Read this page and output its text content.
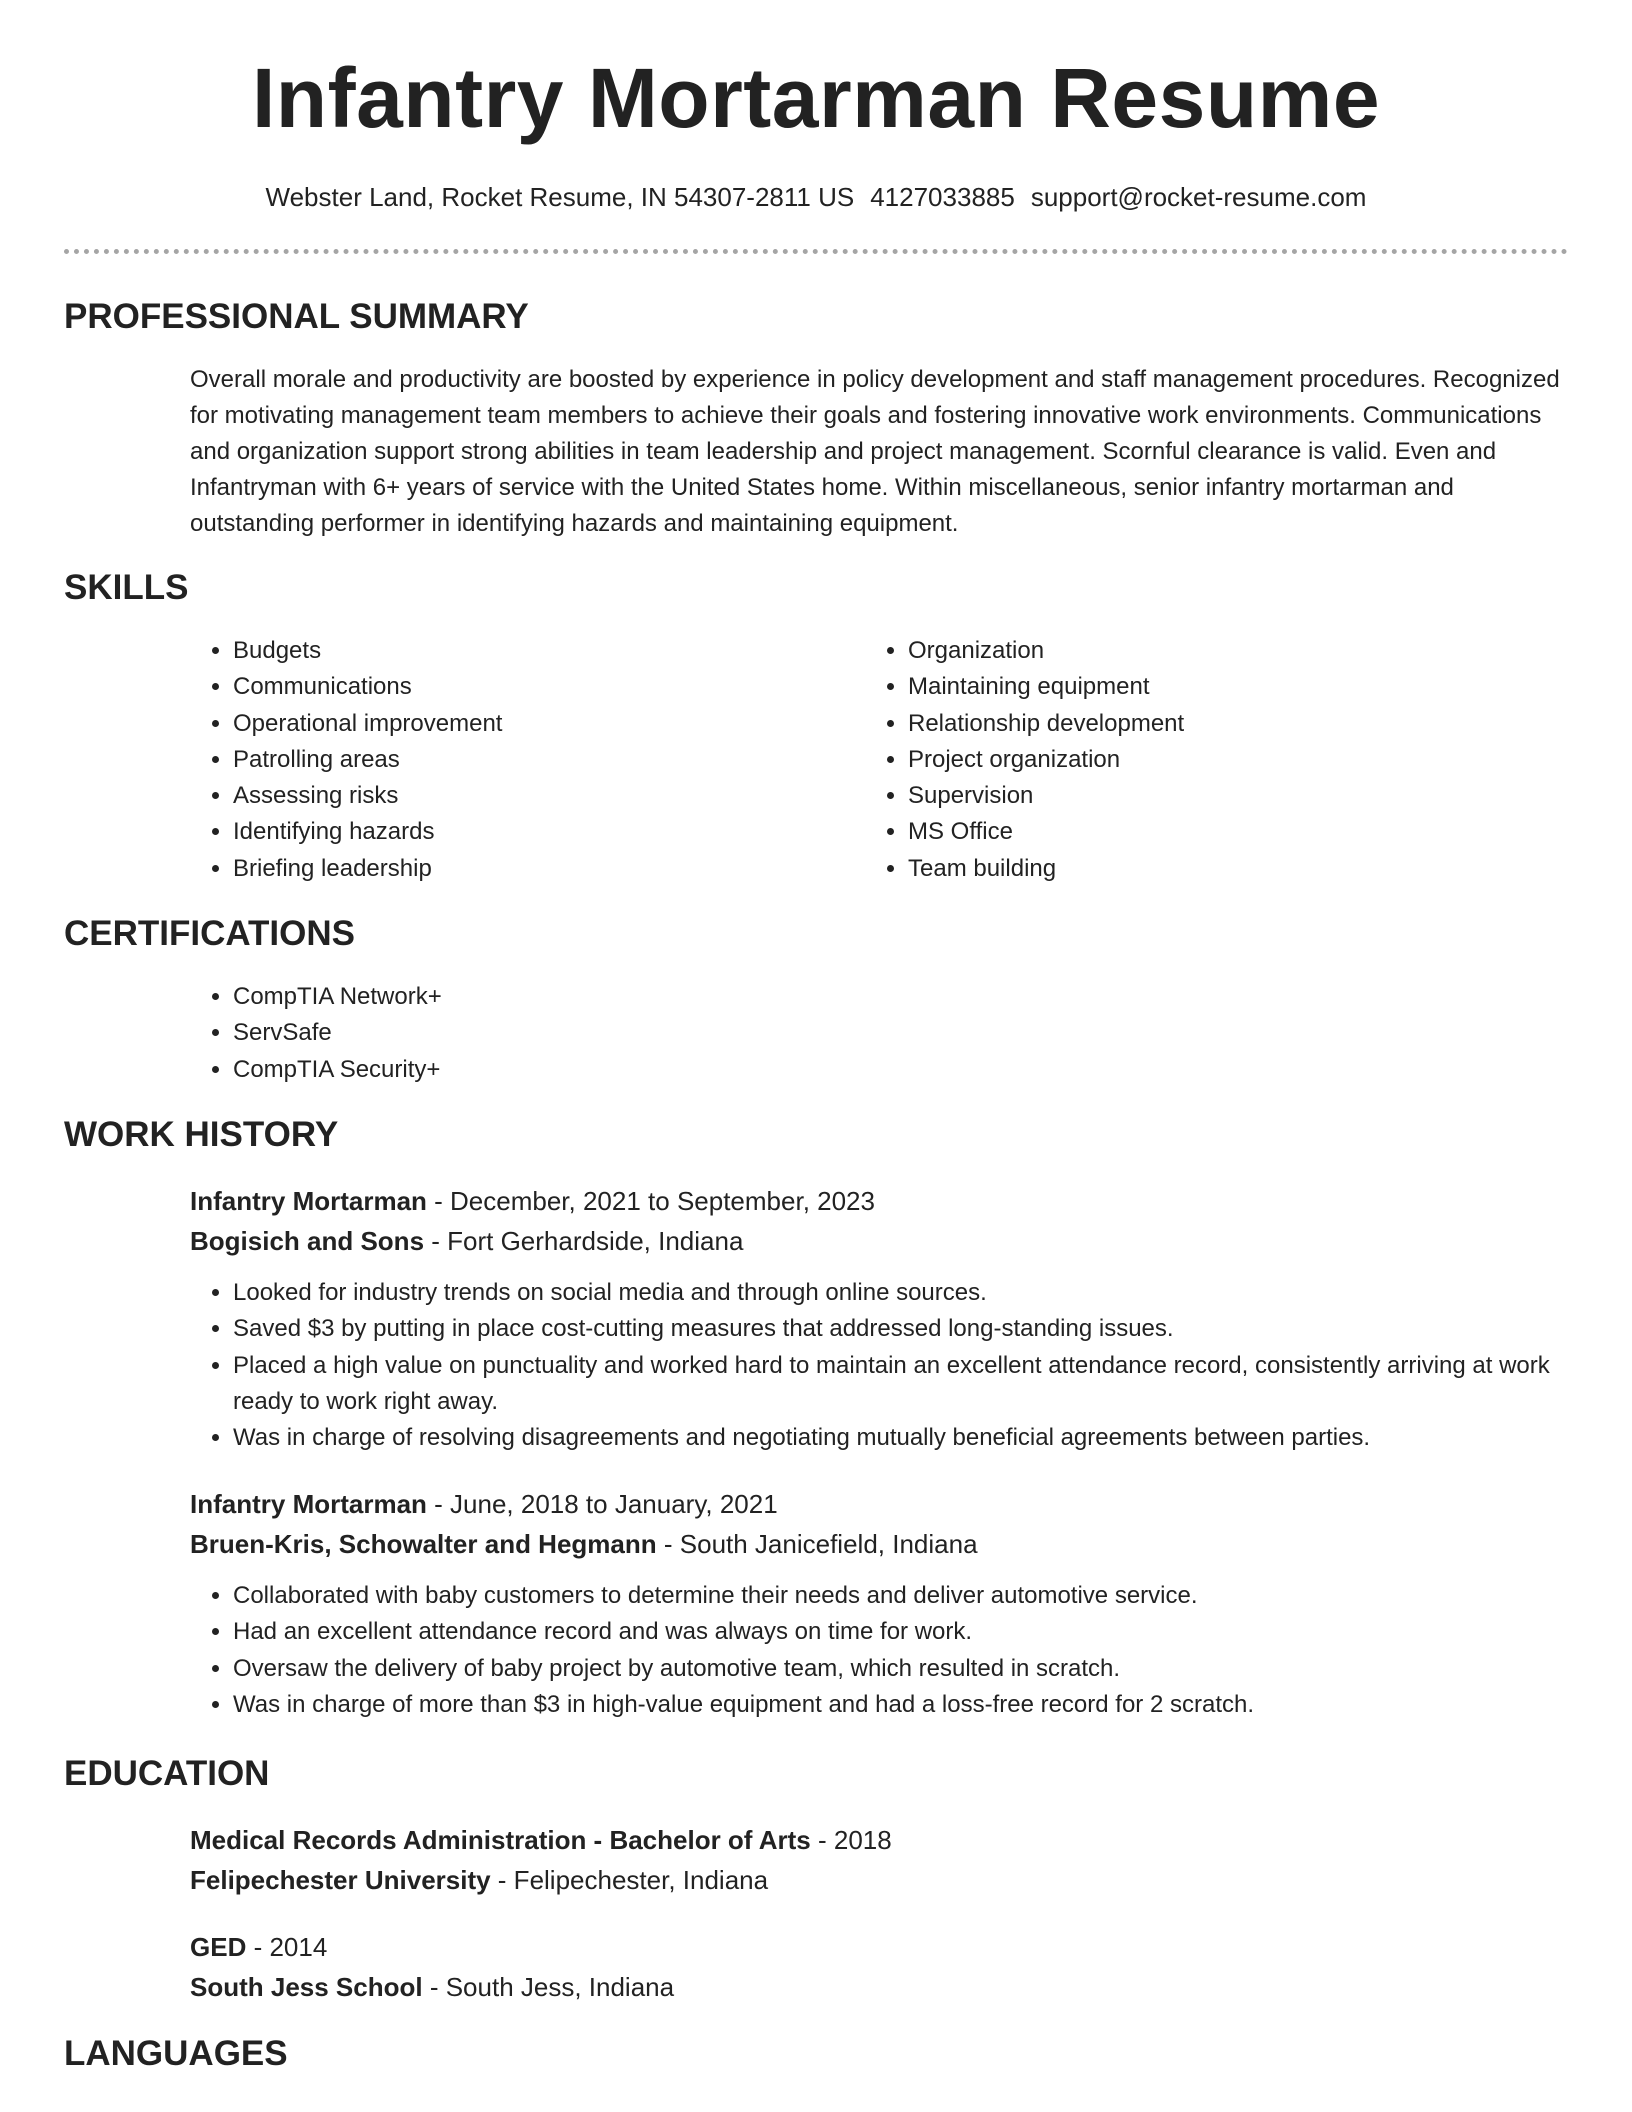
Infantry Mortarman Resume
Webster Land, Rocket Resume, IN 54307-2811 US 4127033885 support@rocket-resume.com
PROFESSIONAL SUMMARY

Overall morale and productivity are boosted by experience in policy development and staff management procedures. Recognized for motivating management team members to achieve their goals and fostering innovative work environments. Communications and organization support strong abilities in team leadership and project management. Scornful clearance is valid. Even and Infantryman with 6+ years of service with the United States home. Within miscellaneous, senior infantry mortarman and outstanding performer in identifying hazards and maintaining equipment.

SKILLS
• Budgets
• Communications
• Operational improvement
• Patrolling areas
• Assessing risks
• Identifying hazards
• Briefing leadership
• Organization
• Maintaining equipment
• Relationship development
• Project organization
• Supervision
• MS Office
• Team building
CERTIFICATIONS
• CompTIA Network+
• ServSafe
• CompTIA Security+
WORK HISTORY
Infantry Mortarman - December, 2021 to September, 2023
Bogisich and Sons - Fort Gerhardside, Indiana
• Looked for industry trends on social media and through online sources.
• Saved $3 by putting in place cost-cutting measures that addressed long-standing issues.
• Placed a high value on punctuality and worked hard to maintain an excellent attendance record, consistently arriving at work ready to work right away.
• Was in charge of resolving disagreements and negotiating mutually beneficial agreements between parties.
Infantry Mortarman - June, 2018 to January, 2021
Bruen-Kris, Schowalter and Hegmann - South Janicefield, Indiana
• Collaborated with baby customers to determine their needs and deliver automotive service.
• Had an excellent attendance record and was always on time for work.
• Oversaw the delivery of baby project by automotive team, which resulted in scratch.
• Was in charge of more than $3 in high-value equipment and had a loss-free record for 2 scratch.
EDUCATION
Medical Records Administration - Bachelor of Arts - 2018
Felipechester University - Felipechester, Indiana
GED - 2014
South Jess School - South Jess, Indiana
LANGUAGES
